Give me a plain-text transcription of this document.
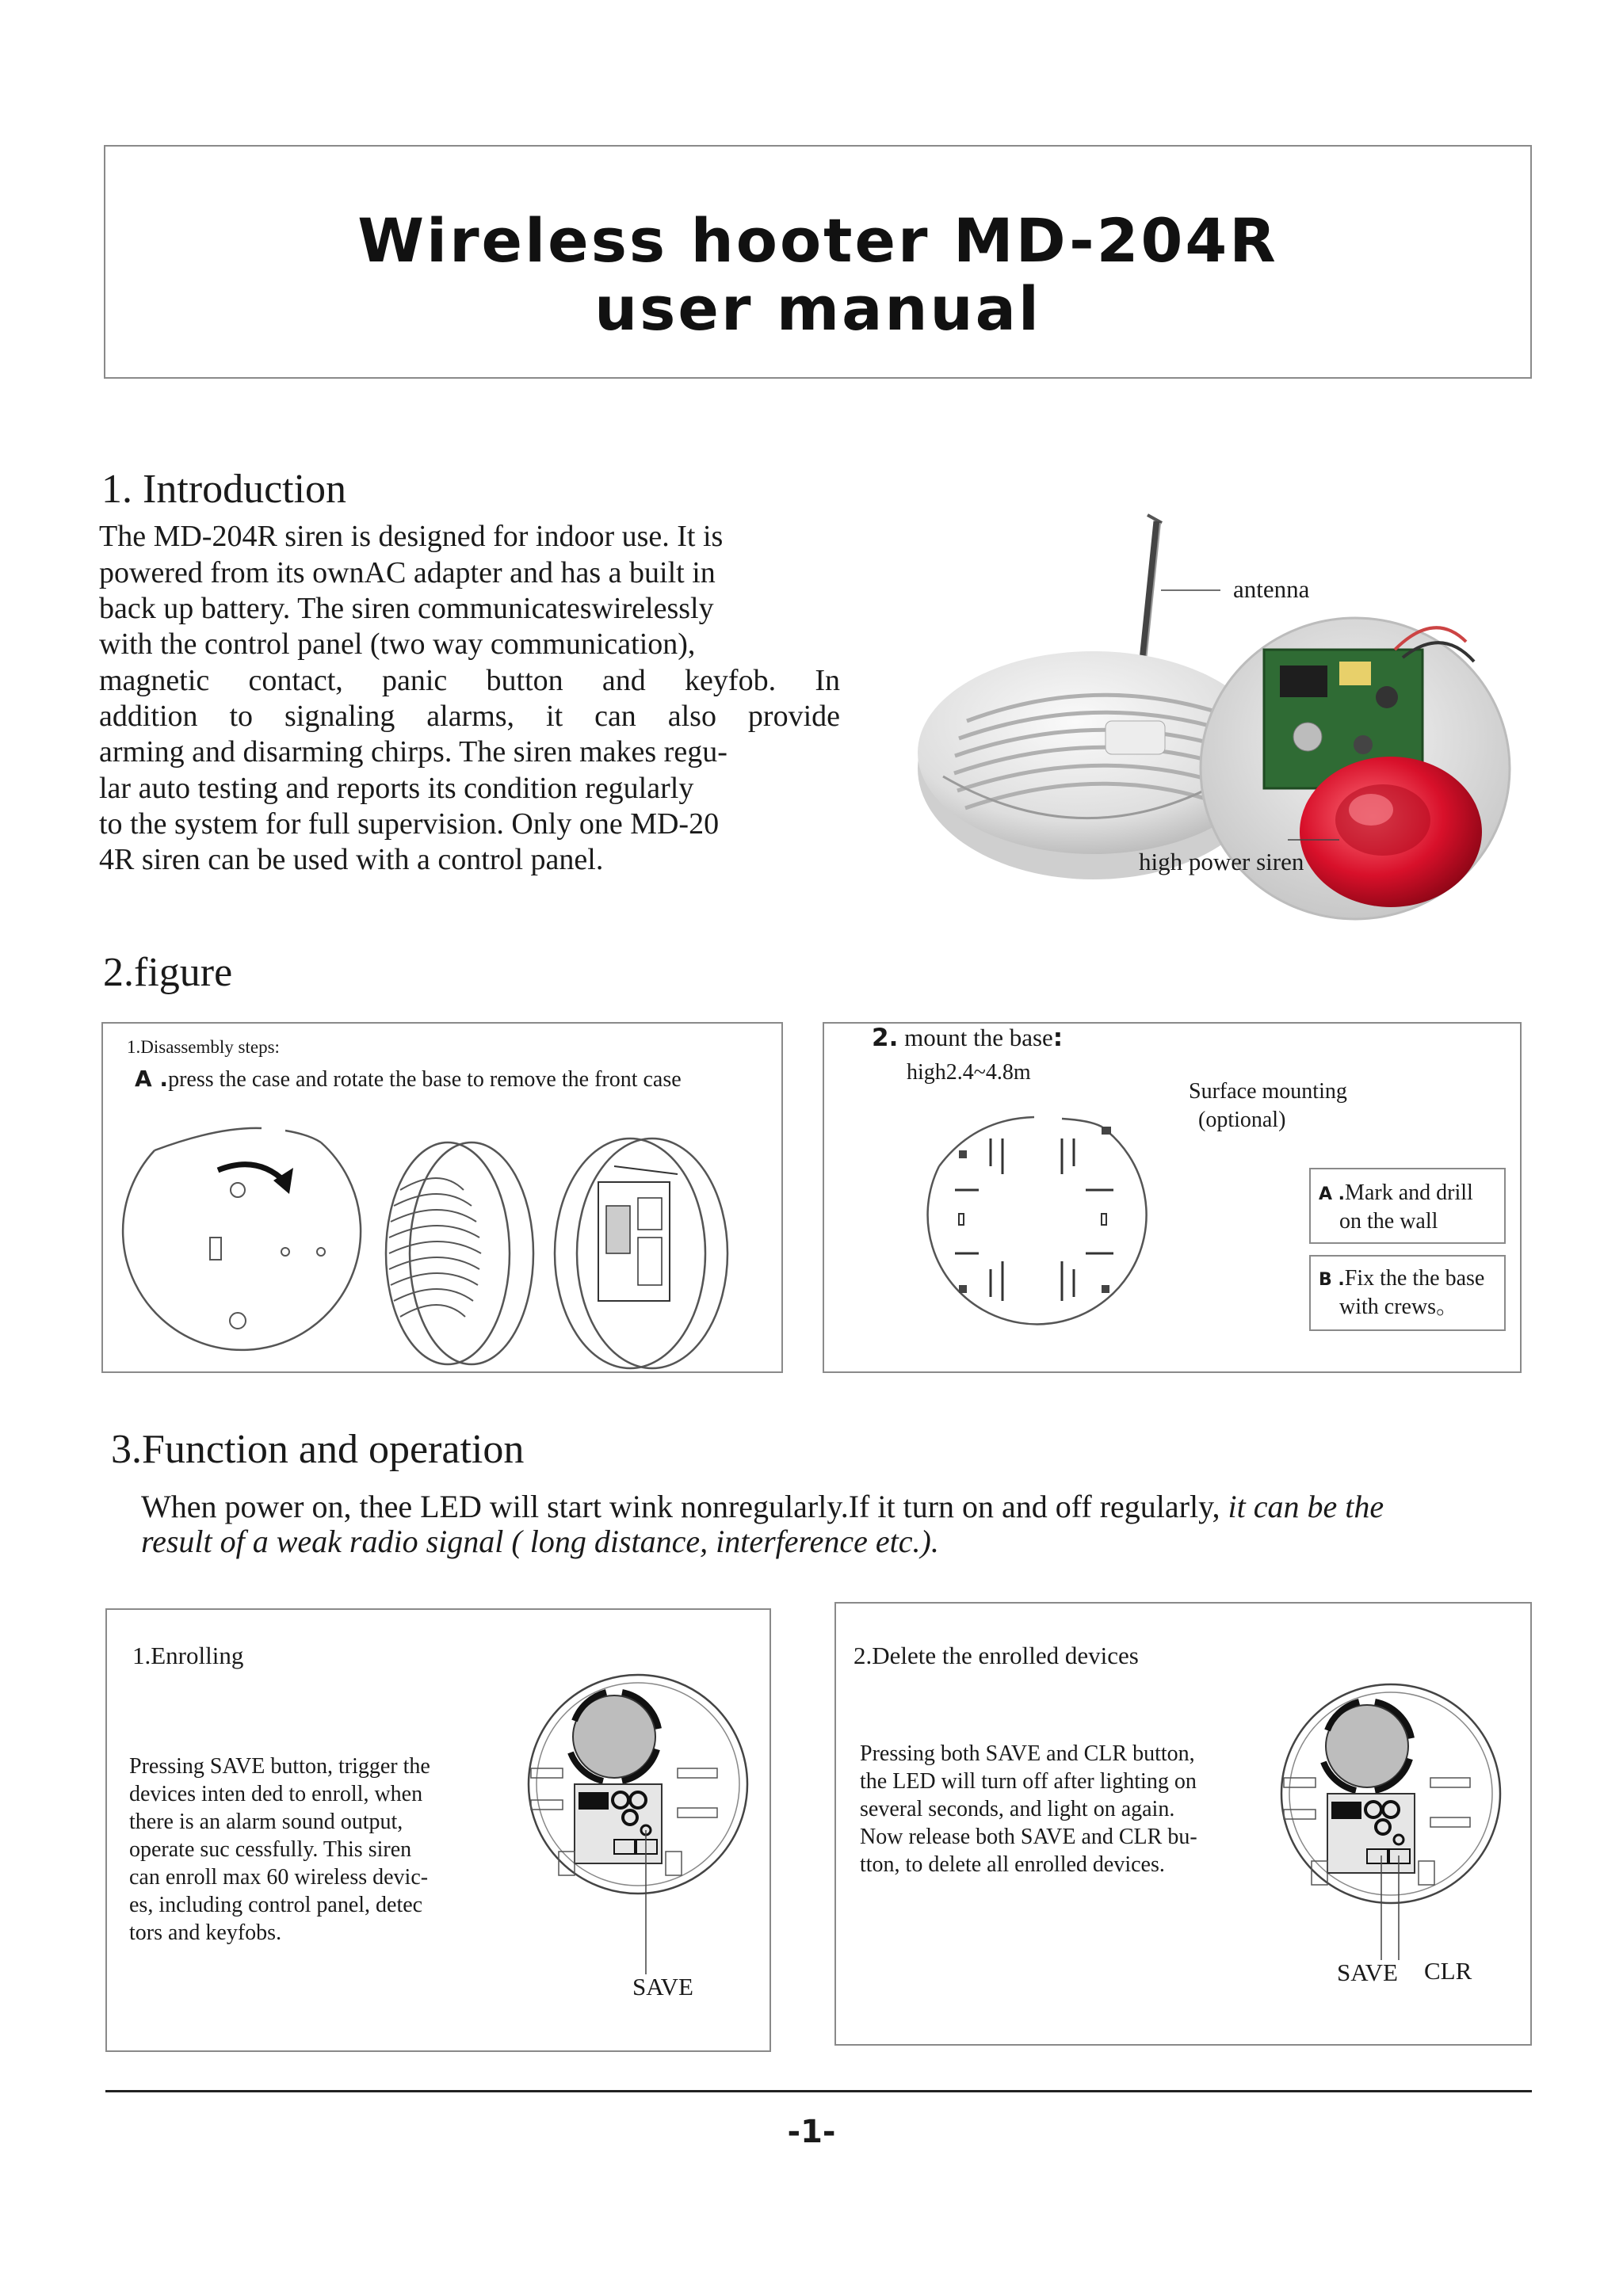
Wireless hooter MD-204R
user manual
1. Introduction
The MD-204R siren is designed for indoor use. It is
powered from its ownAC adapter and has a built in
back up battery. The siren communicateswirelessly
with the control panel (two way communication),
magnetic contact, panic button and keyfob. In
addition to signaling alarms, it can also provide
arming and disarming chirps. The siren makes regu-
lar auto testing and reports its condition regularly
to the system for full supervision. Only one MD-20
4R siren can be used with a control panel.
antenna
high power siren
2.figure
1.Disassembly steps:
A .press the case and rotate the base to remove the front case
2. mount the base:
high2.4~4.8m
Surface mounting
(optional)
A .Mark and drill
on the wall
B .Fix the the base
with crews。
3.Function and operation
When power on, thee LED will start wink nonregularly.If it turn on and off regularly, it can be the
result of a weak radio signal ( long distance, interference etc.).
1.Enrolling
Pressing SAVE button, trigger the
devices inten ded to enroll, when
there is an alarm sound output,
operate suc cessfully. This siren
can enroll max 60 wireless devic-
es, including control panel, detec
tors and keyfobs.
SAVE
2.Delete the enrolled devices
Pressing both SAVE and CLR button,
the LED will turn off after lighting on
several seconds, and light on again.
Now release both SAVE and CLR bu-
tton, to delete all enrolled devices.
SAVE CLR
-1-
